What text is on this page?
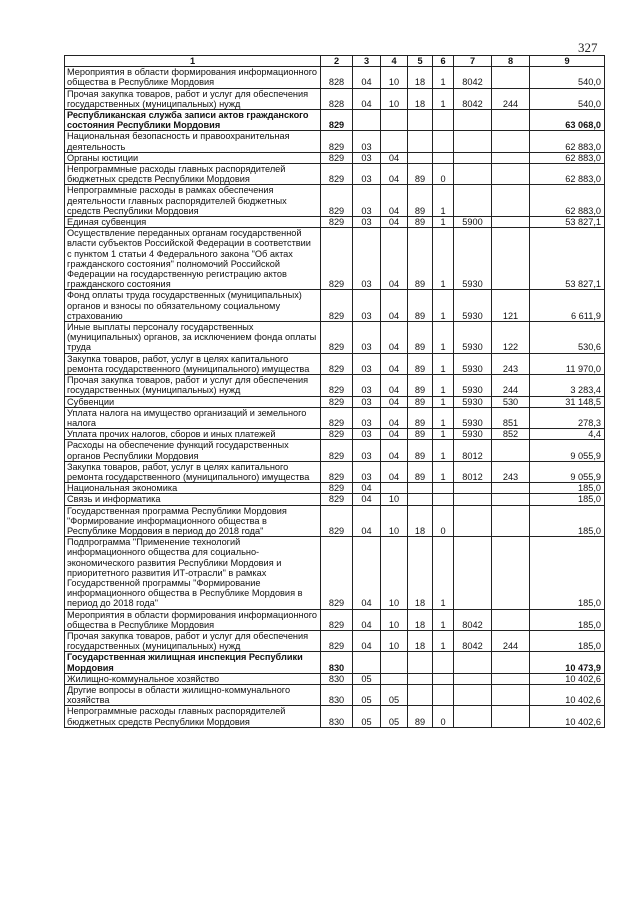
327
1	2	3	4	5	6	7	8	9
Мероприятия в области формирования информационного общества в Республике Мордовия	828	04	10	18	1	8042		540,0
Прочая закупка товаров, работ и услуг для обеспечения государственных (муниципальных) нужд	828	04	10	18	1	8042	244	540,0
Республиканская служба записи актов гражданского состояния Республики Мордовия	829							63 068,0
Национальная безопасность и правоохранительная деятельность	829	03						62 883,0
Органы юстиции	829	03	04					62 883,0
Непрограммные расходы главных распорядителей бюджетных средств Республики Мордовия	829	03	04	89	0			62 883,0
Непрограммные расходы в рамках обеспечения деятельности главных распорядителей бюджетных средств Республики Мордовия	829	03	04	89	1			62 883,0
Единая субвенция	829	03	04	89	1	5900		53 827,1
Осуществление переданных органам государственной власти субъектов Российской Федерации в соответствии с пунктом 1 статьи 4 Федерального закона "Об актах гражданского состояния" полномочий Российской Федерации на государственную регистрацию актов гражданского состояния	829	03	04	89	1	5930		53 827,1
Фонд оплаты труда государственных (муниципальных) органов и взносы по обязательному социальному страхованию	829	03	04	89	1	5930	121	6 611,9
Иные выплаты персоналу государственных (муниципальных) органов, за исключением фонда оплаты труда	829	03	04	89	1	5930	122	530,6
Закупка товаров, работ, услуг в целях капитального ремонта государственного (муниципального) имущества	829	03	04	89	1	5930	243	11 970,0
Прочая закупка товаров, работ и услуг для обеспечения государственных (муниципальных) нужд	829	03	04	89	1	5930	244	3 283,4
Субвенции	829	03	04	89	1	5930	530	31 148,5
Уплата налога на имущество организаций и земельного налога	829	03	04	89	1	5930	851	278,3
Уплата прочих налогов, сборов и иных платежей	829	03	04	89	1	5930	852	4,4
Расходы на обеспечение функций государственных органов Республики Мордовия	829	03	04	89	1	8012		9 055,9
Закупка товаров, работ, услуг в целях капитального ремонта государственного (муниципального) имущества	829	03	04	89	1	8012	243	9 055,9
Национальная экономика	829	04						185,0
Связь и информатика	829	04	10					185,0
Государственная программа Республики Мордовия "Формирование информационного общества в Республике Мордовия в период до 2018 года"	829	04	10	18	0			185,0
Подпрограмма "Применение технологий информационного общества для социально-экономического развития Республики Мордовия и приоритетного развития ИТ-отрасли" в рамках Государственной программы "Формирование информационного общества в Республике Мордовия в период до 2018 года"	829	04	10	18	1			185,0
Мероприятия в области формирования информационного общества в Республике Мордовия	829	04	10	18	1	8042		185,0
Прочая закупка товаров, работ и услуг для обеспечения государственных (муниципальных) нужд	829	04	10	18	1	8042	244	185,0
Государственная жилищная инспекция Республики Мордовия	830							10 473,9
Жилищно-коммунальное хозяйство	830	05						10 402,6
Другие вопросы в области жилищно-коммунального хозяйства	830	05	05					10 402,6
Непрограммные расходы главных распорядителей бюджетных средств Республики Мордовия	830	05	05	89	0			10 402,6
